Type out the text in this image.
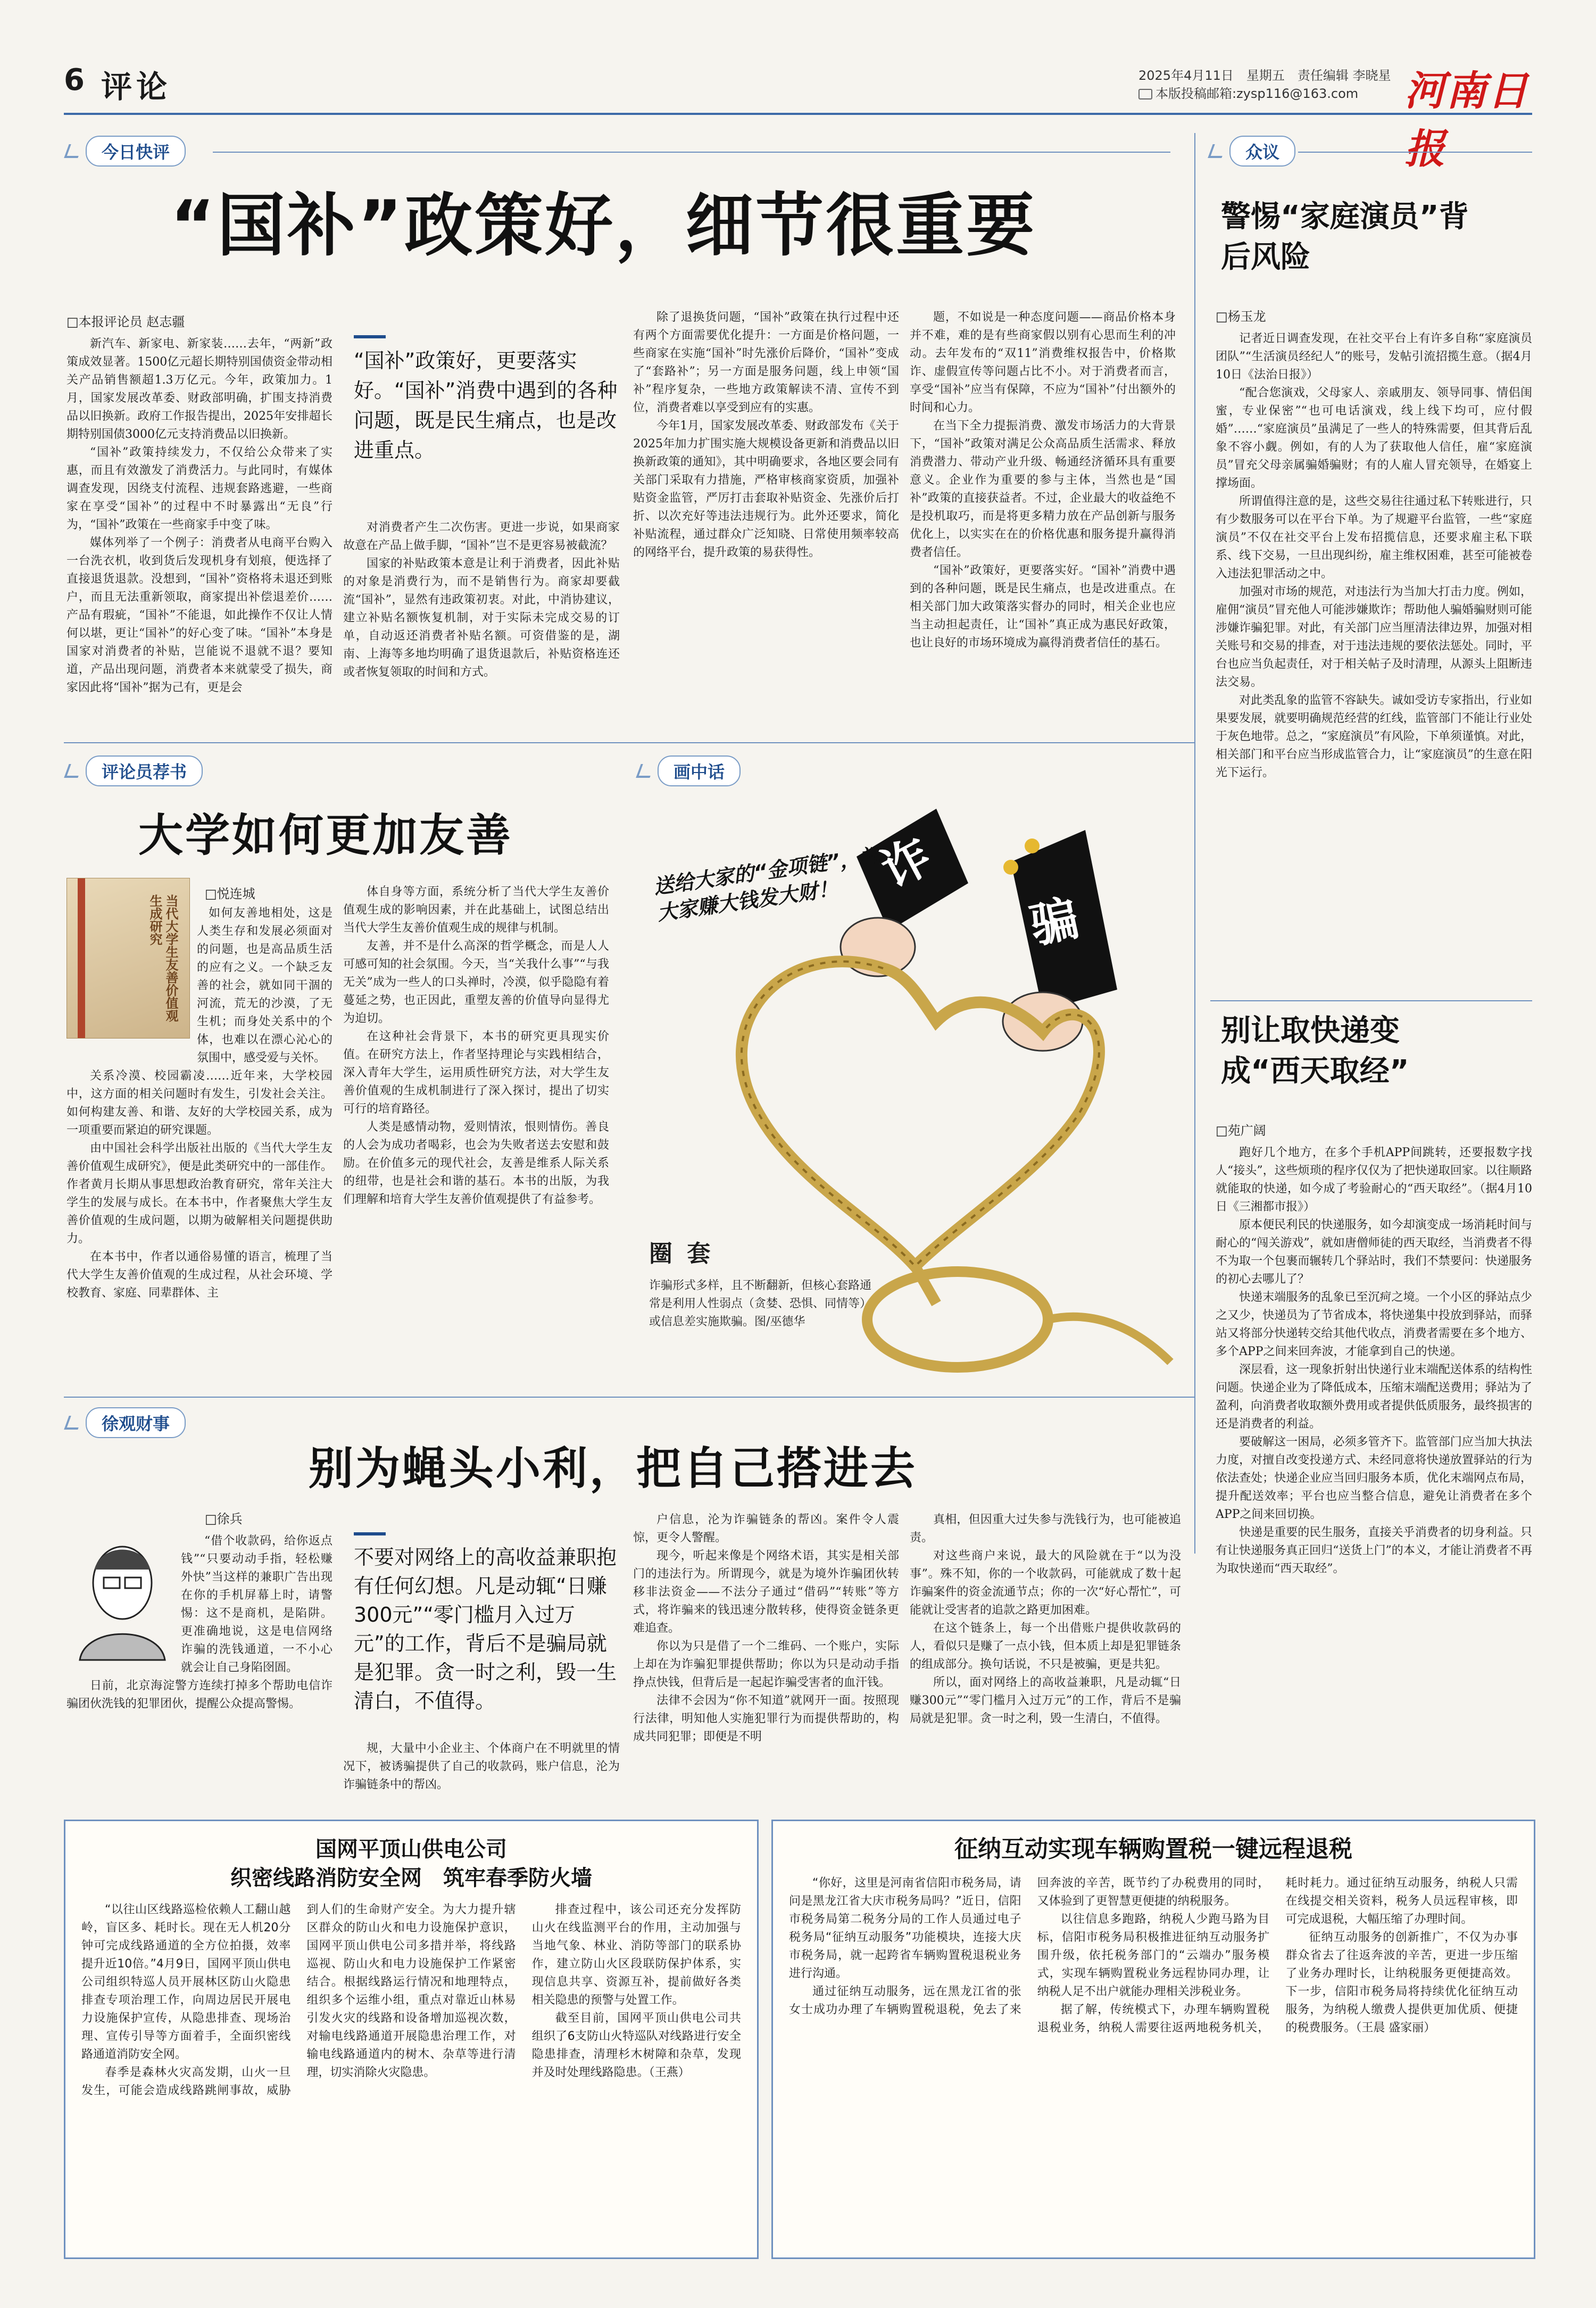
6 评论	2025年4月11日　星期五　责任编辑 李晓星
本版投稿邮箱:zysp116@163.com 河南日报
今日快评
“国补”政策好，细节很重要
□本报评论员 赵志疆

新汽车、新家电、新家装……去年，“两新”政策成效显著。1500亿元超长期特别国债资金带动相关产品销售额超1.3万亿元。今年，政策加力。1月，国家发展改革委、财政部明确，扩围支持消费品以旧换新。政府工作报告提出，2025年安排超长期特别国债3000亿元支持消费品以旧换新。

“国补”政策持续发力，不仅给公众带来了实惠，而且有效激发了消费活力。与此同时，有媒体调查发现，因绕支付流程、违规套路逃避，一些商家在享受“国补”的过程中不时暴露出“无良”行为，“国补”政策在一些商家手中变了味。

媒体列举了一个例子：消费者从电商平台购入一台洗衣机，收到货后发现机身有划痕，便选择了直接退货退款。没想到，“国补”资格将未退还到账户，而且无法重新领取，商家提出补偿退差价……产品有瑕疵，“国补”不能退，如此操作不仅让人情何以堪，更让“国补”的好心变了味。“国补”本身是国家对消费者的补贴，岂能说不退就不退？要知道，产品出现问题，消费者本来就蒙受了损失，商家因此将“国补”据为己有，更是会

“国补”政策好，更要落实好。“国补”消费中遇到的各种问题，既是民生痛点，也是改进重点。

对消费者产生二次伤害。更进一步说，如果商家故意在产品上做手脚，“国补”岂不是更容易被截流？

国家的补贴政策本意是让利于消费者，因此补贴的对象是消费行为，而不是销售行为。商家却要截流“国补”，显然有违政策初衷。对此，中消协建议，建立补贴名额恢复机制，对于实际未完成交易的订单，自动返还消费者补贴名额。可资借鉴的是，湖南、上海等多地均明确了退货退款后，补贴资格连还或者恢复领取的时间和方式。

除了退换货问题，“国补”政策在执行过程中还有两个方面需要优化提升：一方面是价格问题，一些商家在实施“国补”时先涨价后降价，“国补”变成了“套路补”；另一方面是服务问题，线上申领“国补”程序复杂，一些地方政策解读不清、宣传不到位，消费者难以享受到应有的实惠。

今年1月，国家发展改革委、财政部发布《关于2025年加力扩围实施大规模设备更新和消费品以旧换新政策的通知》，其中明确要求，各地区要会同有关部门采取有力措施，严格审核商家资质，加强补贴资金监管，严厉打击套取补贴资金、先涨价后打折、以次充好等违法违规行为。此外还要求，简化补贴流程，通过群众广泛知晓、日常使用频率较高的网络平台，提升政策的易获得性。

题，不如说是一种态度问题——商品价格本身并不难，难的是有些商家假以别有心思而生利的冲动。去年发布的“双11”消费维权报告中，价格欺诈、虚假宣传等问题占比不小。对于消费者而言，享受“国补”应当有保障，不应为“国补”付出额外的时间和心力。

在当下全力提振消费、激发市场活力的大背景下，“国补”政策对满足公众高品质生活需求、释放消费潜力、带动产业升级、畅通经济循环具有重要意义。企业作为重要的参与主体，当然也是“国补”政策的直接获益者。不过，企业最大的收益绝不是投机取巧，而是将更多精力放在产品创新与服务优化上，以实实在在的价格优惠和服务提升赢得消费者信任。

“国补”政策好，更要落实好。“国补”消费中遇到的各种问题，既是民生痛点，也是改进重点。在相关部门加大政策落实督办的同时，相关企业也应当主动担起责任，让“国补”真正成为惠民好政策，也让良好的市场环境成为赢得消费者信任的基石。

众议
警惕“家庭演员”背后风险
□杨玉龙

记者近日调查发现，在社交平台上有许多自称“家庭演员团队”“生活演员经纪人”的账号，发帖引流招揽生意。（据4月10日《法治日报》）

“配合您演戏，父母家人、亲戚朋友、领导同事、情侣闺蜜，专业保密”“也可电话演戏，线上线下均可，应付假婚”……“家庭演员”虽满足了一些人的特殊需要，但其背后乱象不容小觑。例如，有的人为了获取他人信任，雇“家庭演员”冒充父母亲属骗婚骗财；有的人雇人冒充领导，在婚宴上撑场面。

所谓值得注意的是，这些交易往往通过私下转账进行，只有少数服务可以在平台下单。为了规避平台监管，一些“家庭演员”不仅在社交平台上发布招揽信息，还要求雇主私下联系、线下交易，一旦出现纠纷，雇主维权困难，甚至可能被卷入违法犯罪活动之中。

加强对市场的规范，对违法行为当加大打击力度。例如，雇佣“演员”冒充他人可能涉嫌欺诈；帮助他人骗婚骗财则可能涉嫌诈骗犯罪。对此，有关部门应当厘清法律边界，加强对相关账号和交易的排查，对于违法违规的要依法惩处。同时，平台也应当负起责任，对于相关帖子及时清理，从源头上阻断违法交易。

对此类乱象的监管不容缺失。诚如受访专家指出，行业如果要发展，就要明确规范经营的红线，监管部门不能让行业处于灰色地带。总之，“家庭演员”有风险，下单须谨慎。对此，相关部门和平台应当形成监管合力，让“家庭演员”的生意在阳光下运行。

别让取快递变成“西天取经”
□苑广阔

跑好几个地方，在多个手机APP间跳转，还要报数字找人“接头”，这些烦琐的程序仅仅为了把快递取回家。以往顺路就能取的快递，如今成了考验耐心的“西天取经”。（据4月10日《三湘都市报》）

原本便民利民的快递服务，如今却演变成一场消耗时间与耐心的“闯关游戏”，就如唐僧师徒的西天取经，当消费者不得不为取一个包裹而辗转几个驿站时，我们不禁要问：快递服务的初心去哪儿了？

快递末端服务的乱象已至沉疴之境。一个小区的驿站点少之又少，快递员为了节省成本，将快递集中投放到驿站，而驿站又将部分快递转交给其他代收点，消费者需要在多个地方、多个APP之间来回奔波，才能拿到自己的快递。

深层看，这一现象折射出快递行业末端配送体系的结构性问题。快递企业为了降低成本，压缩末端配送费用；驿站为了盈利，向消费者收取额外费用或者提供低质服务，最终损害的还是消费者的利益。

要破解这一困局，必须多管齐下。监管部门应当加大执法力度，对擅自改变投递方式、未经同意将快递放置驿站的行为依法查处；快递企业应当回归服务本质，优化末端网点布局，提升配送效率；平台也应当整合信息，避免让消费者在多个APP之间来回切换。

快递是重要的民生服务，直接关乎消费者的切身利益。只有让快递服务真正回归“送货上门”的本义，才能让消费者不再为取快递而“西天取经”。

评论员荐书
大学如何更加友善
当代大学生友善价值观生成研究
□悦连城

如何友善地相处，这是人类生存和发展必须面对的问题，也是高品质生活的应有之义。一个缺乏友善的社会，就如同干涸的河流，荒无的沙漠，了无生机；而身处关系中的个体，也难以在漂心沁心的氛围中，感受爱与关怀。

关系冷漠、校园霸凌……近年来，大学校园中，这方面的相关问题时有发生，引发社会关注。如何构建友善、和谐、友好的大学校园关系，成为一项重要而紧迫的研究课题。

由中国社会科学出版社出版的《当代大学生友善价值观生成研究》，便是此类研究中的一部佳作。作者黄月长期从事思想政治教育研究，常年关注大学生的发展与成长。在本书中，作者聚焦大学生友善价值观的生成问题，以期为破解相关问题提供助力。

在本书中，作者以通俗易懂的语言，梳理了当代大学生友善价值观的生成过程，从社会环境、学校教育、家庭、同辈群体、主

体自身等方面，系统分析了当代大学生友善价值观生成的影响因素，并在此基础上，试图总结出当代大学生友善价值观生成的规律与机制。

友善，并不是什么高深的哲学概念，而是人人可感可知的社会氛围。今天，当“关我什么事”“与我无关”成为一些人的口头禅时，冷漠，似乎隐隐有着蔓延之势，也正因此，重塑友善的价值导向显得尤为迫切。

在这种社会背景下，本书的研究更具现实价值。在研究方法上，作者坚持理论与实践相结合，深入青年大学生，运用质性研究方法，对大学生友善价值观的生成机制进行了深入探讨，提出了切实可行的培育路径。

人类是感情动物，爱则情浓，恨则情伤。善良的人会为成功者喝彩，也会为失败者送去安慰和鼓励。在价值多元的现代社会，友善是维系人际关系的纽带，也是社会和谐的基石。本书的出版，为我们理解和培育大学生友善价值观提供了有益参考。

画中话
送给大家的“金项链”，祝大家赚大钱发大财！
诈
骗
圈 套
诈骗形式多样，且不断翻新，但核心套路通常是利用人性弱点（贪婪、恐惧、同情等）或信息差实施欺骗。图/巫德华
徐观财事
别为蝇头小利，把自己搭进去
□徐兵

“借个收款码，给你返点钱”“只要动动手指，轻松赚外快”当这样的兼职广告出现在你的手机屏幕上时，请警惕：这不是商机，是陷阱。更准确地说，这是电信网络诈骗的洗钱通道，一不小心就会让自己身陷囹圄。

日前，北京海淀警方连续打掉多个帮助电信诈骗团伙洗钱的犯罪团伙，提醒公众提高警惕。

不要对网络上的高收益兼职抱有任何幻想。凡是动辄“日赚300元”“零门槛月入过万元”的工作，背后不是骗局就是犯罪。贪一时之利，毁一生清白，不值得。

规，大量中小企业主、个体商户在不明就里的情况下，被诱骗提供了自己的收款码，账户信息，沦为诈骗链条中的帮凶。

户信息，沦为诈骗链条的帮凶。案件令人震惊，更令人警醒。

现今，听起来像是个网络术语，其实是相关部门的违法行为。所谓现今，就是为境外诈骗团伙转移非法资金——不法分子通过“借码”“转账”等方式，将诈骗来的钱迅速分散转移，使得资金链条更难追查。

你以为只是借了一个二维码、一个账户，实际上却在为诈骗犯罪提供帮助；你以为只是动动手指挣点快钱，但背后是一起起诈骗受害者的血汗钱。

法律不会因为“你不知道”就网开一面。按照现行法律，明知他人实施犯罪行为而提供帮助的，构成共同犯罪；即便是不明

真相，但因重大过失参与洗钱行为，也可能被追责。

对这些商户来说，最大的风险就在于“以为没事”。殊不知，你的一个收款码，可能就成了数十起诈骗案件的资金流通节点；你的一次“好心帮忙”，可能就让受害者的追款之路更加困难。

在这个链条上，每一个出借账户提供收款码的人，看似只是赚了一点小钱，但本质上却是犯罪链条的组成部分。换句话说，不只是被骗，更是共犯。

所以，面对网络上的高收益兼职，凡是动辄“日赚300元”“零门槛月入过万元”的工作，背后不是骗局就是犯罪。贪一时之利，毁一生清白，不值得。

国网平顶山供电公司
织密线路消防安全网　筑牢春季防火墙

“以往山区线路巡检依赖人工翻山越岭，盲区多、耗时长。现在无人机20分钟可完成线路通道的全方位拍摄，效率提升近10倍。”4月9日，国网平顶山供电公司组织特巡人员开展林区防山火隐患排查专项治理工作，向周边居民开展电力设施保护宣传，从隐患排查、现场治理、宣传引导等方面着手，全面织密线路通道消防安全网。

春季是森林火灾高发期，山火一旦发生，可能会造成线路跳闸事故，威胁到人们的生命财产安全。为大力提升辖区群众的防山火和电力设施保护意识，国网平顶山供电公司多措并举，将线路巡视、防山火和电力设施保护工作紧密结合。根据线路运行情况和地理特点，组织多个运维小组，重点对靠近山林易引发火灾的线路和设备增加巡视次数，对输电线路通道开展隐患治理工作，对输电线路通道内的树木、杂草等进行清理，切实消除火灾隐患。

排查过程中，该公司还充分发挥防山火在线监测平台的作用，主动加强与当地气象、林业、消防等部门的联系协作，建立防山火区段联防保护体系，实现信息共享、资源互补，提前做好各类相关隐患的预警与处置工作。

截至目前，国网平顶山供电公司共组织了6支防山火特巡队对线路进行安全隐患排查，清理杉木树障和杂草，发现并及时处理线路隐患。（王燕）

征纳互动实现车辆购置税一键远程退税

“你好，这里是河南省信阳市税务局，请问是黑龙江省大庆市税务局吗？”近日，信阳市税务局第二税务分局的工作人员通过电子税务局“征纳互动服务”功能模块，连接大庆市税务局，就一起跨省车辆购置税退税业务进行沟通。

通过征纳互动服务，远在黑龙江省的张女士成功办理了车辆购置税退税，免去了来回奔波的辛苦，既节约了办税费用的同时，又体验到了更智慧更便捷的纳税服务。

以往信息多跑路，纳税人少跑马路为目标，信阳市税务局积极推进征纳互动服务扩围升级，依托税务部门的“云端办”服务模式，实现车辆购置税业务远程协同办理，让纳税人足不出户就能办理相关涉税业务。

据了解，传统模式下，办理车辆购置税退税业务，纳税人需要往返两地税务机关，耗时耗力。通过征纳互动服务，纳税人只需在线提交相关资料，税务人员远程审核，即可完成退税，大幅压缩了办理时间。

征纳互动服务的创新推广，不仅为办事群众省去了往返奔波的辛苦，更进一步压缩了业务办理时长，让纳税服务更便捷高效。下一步，信阳市税务局将持续优化征纳互动服务，为纳税人缴费人提供更加优质、便捷的税费服务。（王晨 盛家丽）
